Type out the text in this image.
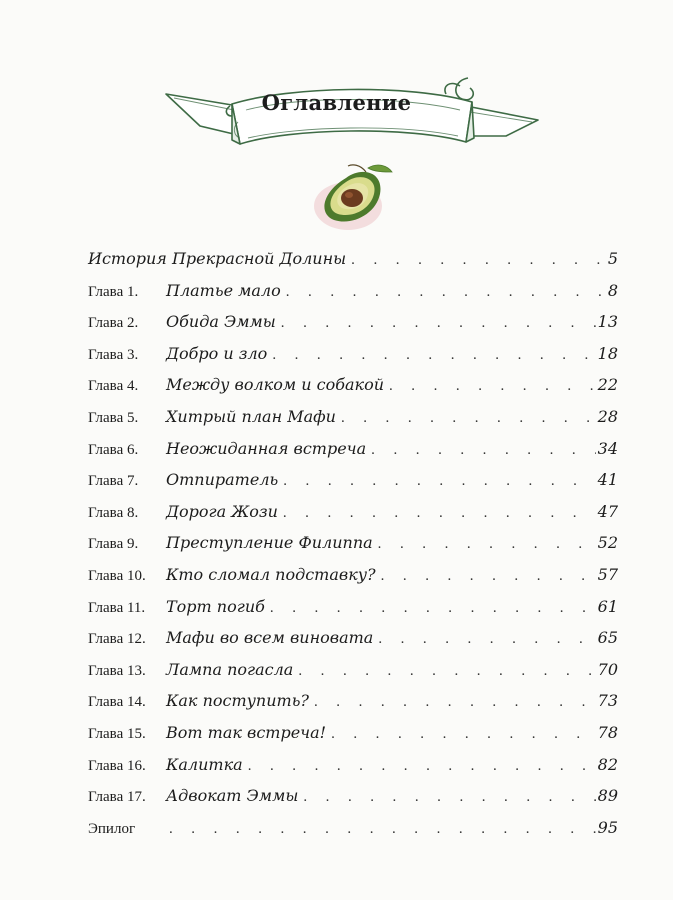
Оглавление
История Прекрасной Долины . . .	5
Глава 1.	Платье мало . . .	8
Глава 2.	Обида Эммы . . .	13
Глава 3.	Добро и зло . . .	18
Глава 4.	Между волком и собакой . . .	22
Глава 5.	Хитрый план Мафи . . .	28
Глава 6.	Неожиданная встреча . . .	34
Глава 7.	Отпиратель . . .	41
Глава 8.	Дорога Жози . . .	47
Глава 9.	Преступление Филиппа . . .	52
Глава 10.	Кто сломал подставку? . . .	57
Глава 11.	Торт погиб . . .	61
Глава 12.	Мафи во всем виновата . . .	65
Глава 13.	Лампа погасла . . .	70
Глава 14.	Как поступить? . . .	73
Глава 15.	Вот так встреча! . . .	78
Глава 16.	Калитка . . .	82
Глава 17.	Адвокат Эммы . . .	89
Эпилог . . .	95
